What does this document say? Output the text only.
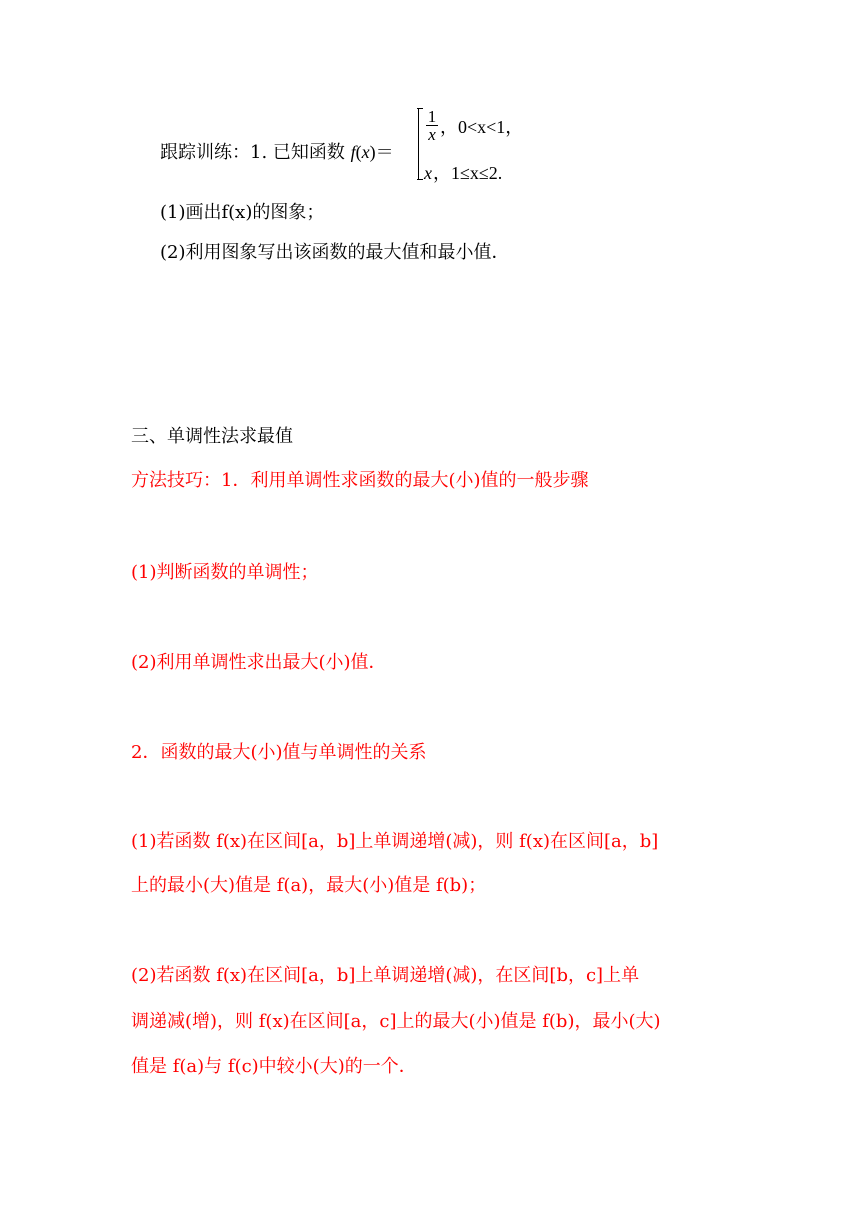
跟踪训练：1. 已知函数 f(x)＝
$\frac{1}{x}$ ，0<x<1，
x ，1≤x≤2.
(1)画出f(x)的图象；
(2)利用图象写出该函数的最大值和最小值．
三、单调性法求最值
方法技巧：1．利用单调性求函数的最大(小)值的一般步骤
(1)判断函数的单调性；
(2)利用单调性求出最大(小)值．
2．函数的最大(小)值与单调性的关系
(1)若函数 f(x)在区间[a，b]上单调递增(减)，则 f(x)在区间[a，b]
上的最小(大)值是 f(a)，最大(小)值是 f(b)；
(2)若函数 f(x)在区间[a，b]上单调递增(减)，在区间[b，c]上单
调递减(增)，则 f(x)在区间[a，c]上的最大(小)值是 f(b)，最小(大)
值是 f(a)与 f(c)中较小(大)的一个．
